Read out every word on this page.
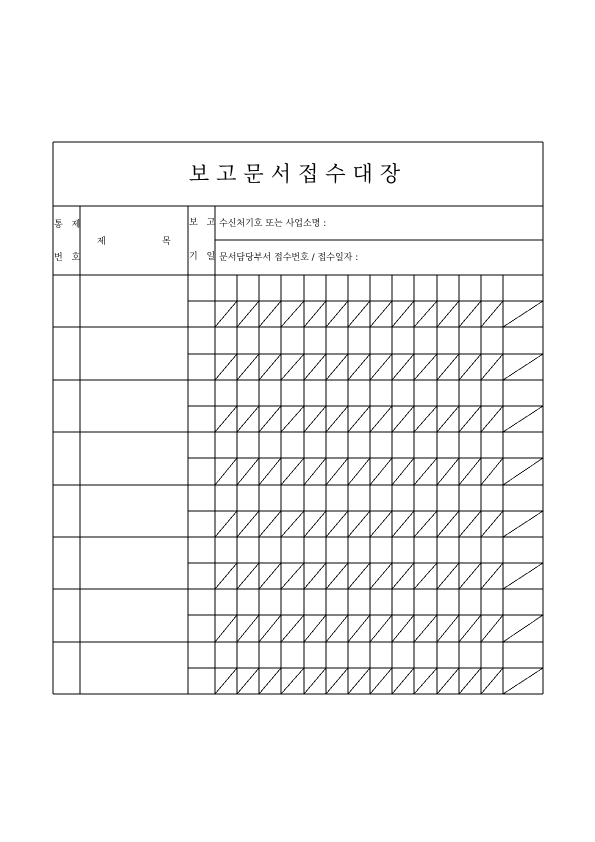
보고문서접수대장
통 제
번 호
제	목
보 고
기 일
수신처기호 또는 사업소명 :
문서담당부서 접수번호 / 접수일자 :
